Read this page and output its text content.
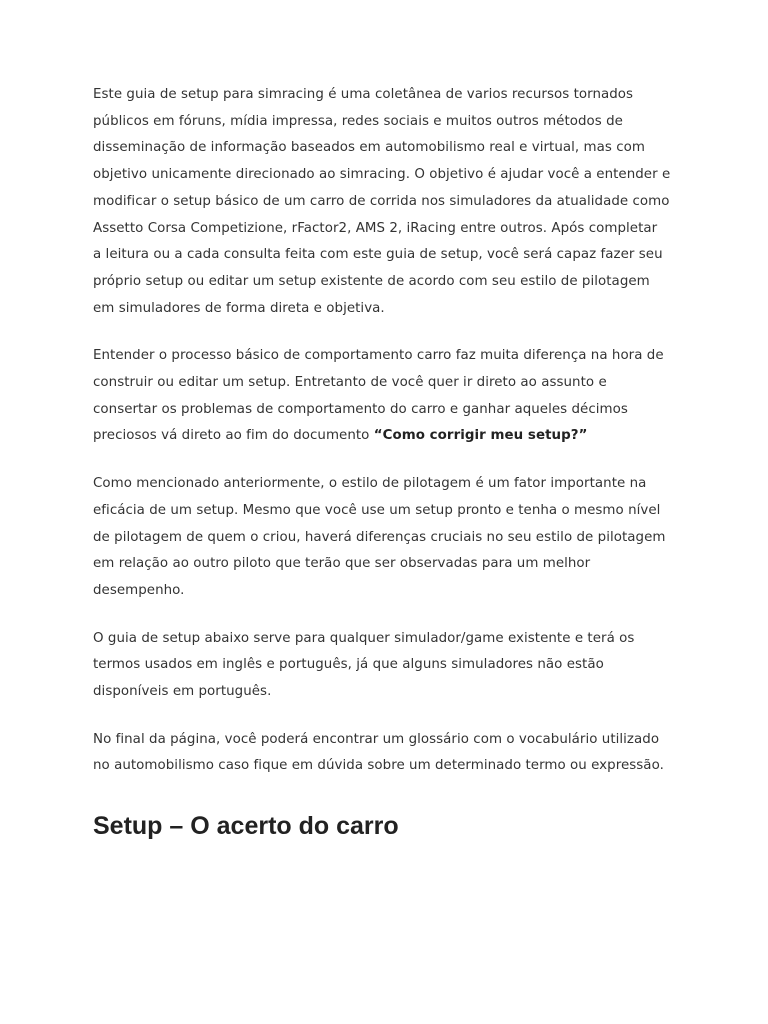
Este guia de setup para simracing é uma coletânea de varios recursos tornados
públicos em fóruns, mídia impressa, redes sociais e muitos outros métodos de
disseminação de informação baseados em automobilismo real e virtual, mas com
objetivo unicamente direcionado ao simracing. O objetivo é ajudar você a entender e
modificar o setup básico de um carro de corrida nos simuladores da atualidade como
Assetto Corsa Competizione, rFactor2, AMS 2, iRacing entre outros. Após completar
a leitura ou a cada consulta feita com este guia de setup, você será capaz fazer seu
próprio setup ou editar um setup existente de acordo com seu estilo de pilotagem
em simuladores de forma direta e objetiva.

Entender o processo básico de comportamento carro faz muita diferença na hora de
construir ou editar um setup. Entretanto de você quer ir direto ao assunto e
consertar os problemas de comportamento do carro e ganhar aqueles décimos
preciosos vá direto ao fim do documento “Como corrigir meu setup?”

Como mencionado anteriormente, o estilo de pilotagem é um fator importante na
eficácia de um setup. Mesmo que você use um setup pronto e tenha o mesmo nível
de pilotagem de quem o criou, haverá diferenças cruciais no seu estilo de pilotagem
em relação ao outro piloto que terão que ser observadas para um melhor
desempenho.

O guia de setup abaixo serve para qualquer simulador/game existente e terá os
termos usados em inglês e português, já que alguns simuladores não estão
disponíveis em português.

No final da página, você poderá encontrar um glossário com o vocabulário utilizado
no automobilismo caso fique em dúvida sobre um determinado termo ou expressão.

Setup – O acerto do carro
